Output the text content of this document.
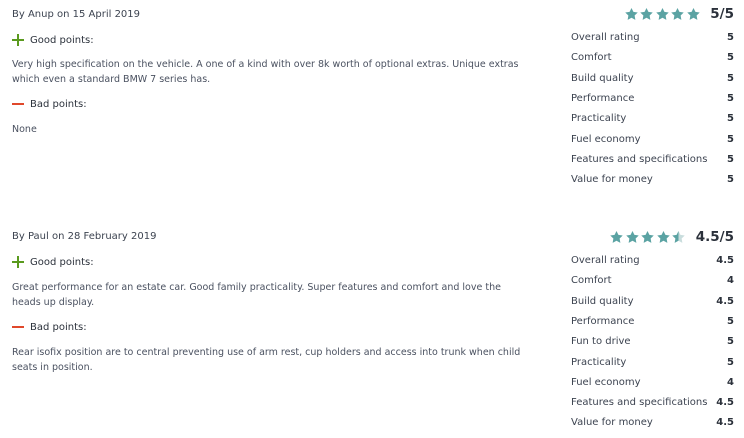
By Anup on 15 April 2019
Good points:
Very high specification on the vehicle. A one of a kind with over 8k worth of optional extras. Unique extras which even a standard BMW 7 series has.
Bad points:
None
5/5
Overall rating	5
Comfort	5
Build quality	5
Performance	5
Practicality	5
Fuel economy	5
Features and specifications 5
Value for money	5
By Paul on 28 February 2019
Good points:
Great performance for an estate car. Good family practicality. Super features and comfort and love the heads up display.
Bad points:
Rear isofix position are to central preventing use of arm rest, cup holders and access into trunk when child seats in position.
4.5/5
Overall rating	4.5
Comfort	4
Build quality	4.5
Performance	5
Fun to drive	5
Practicality	5
Fuel economy	4
Features and specifications 4.5
Value for money	4.5
